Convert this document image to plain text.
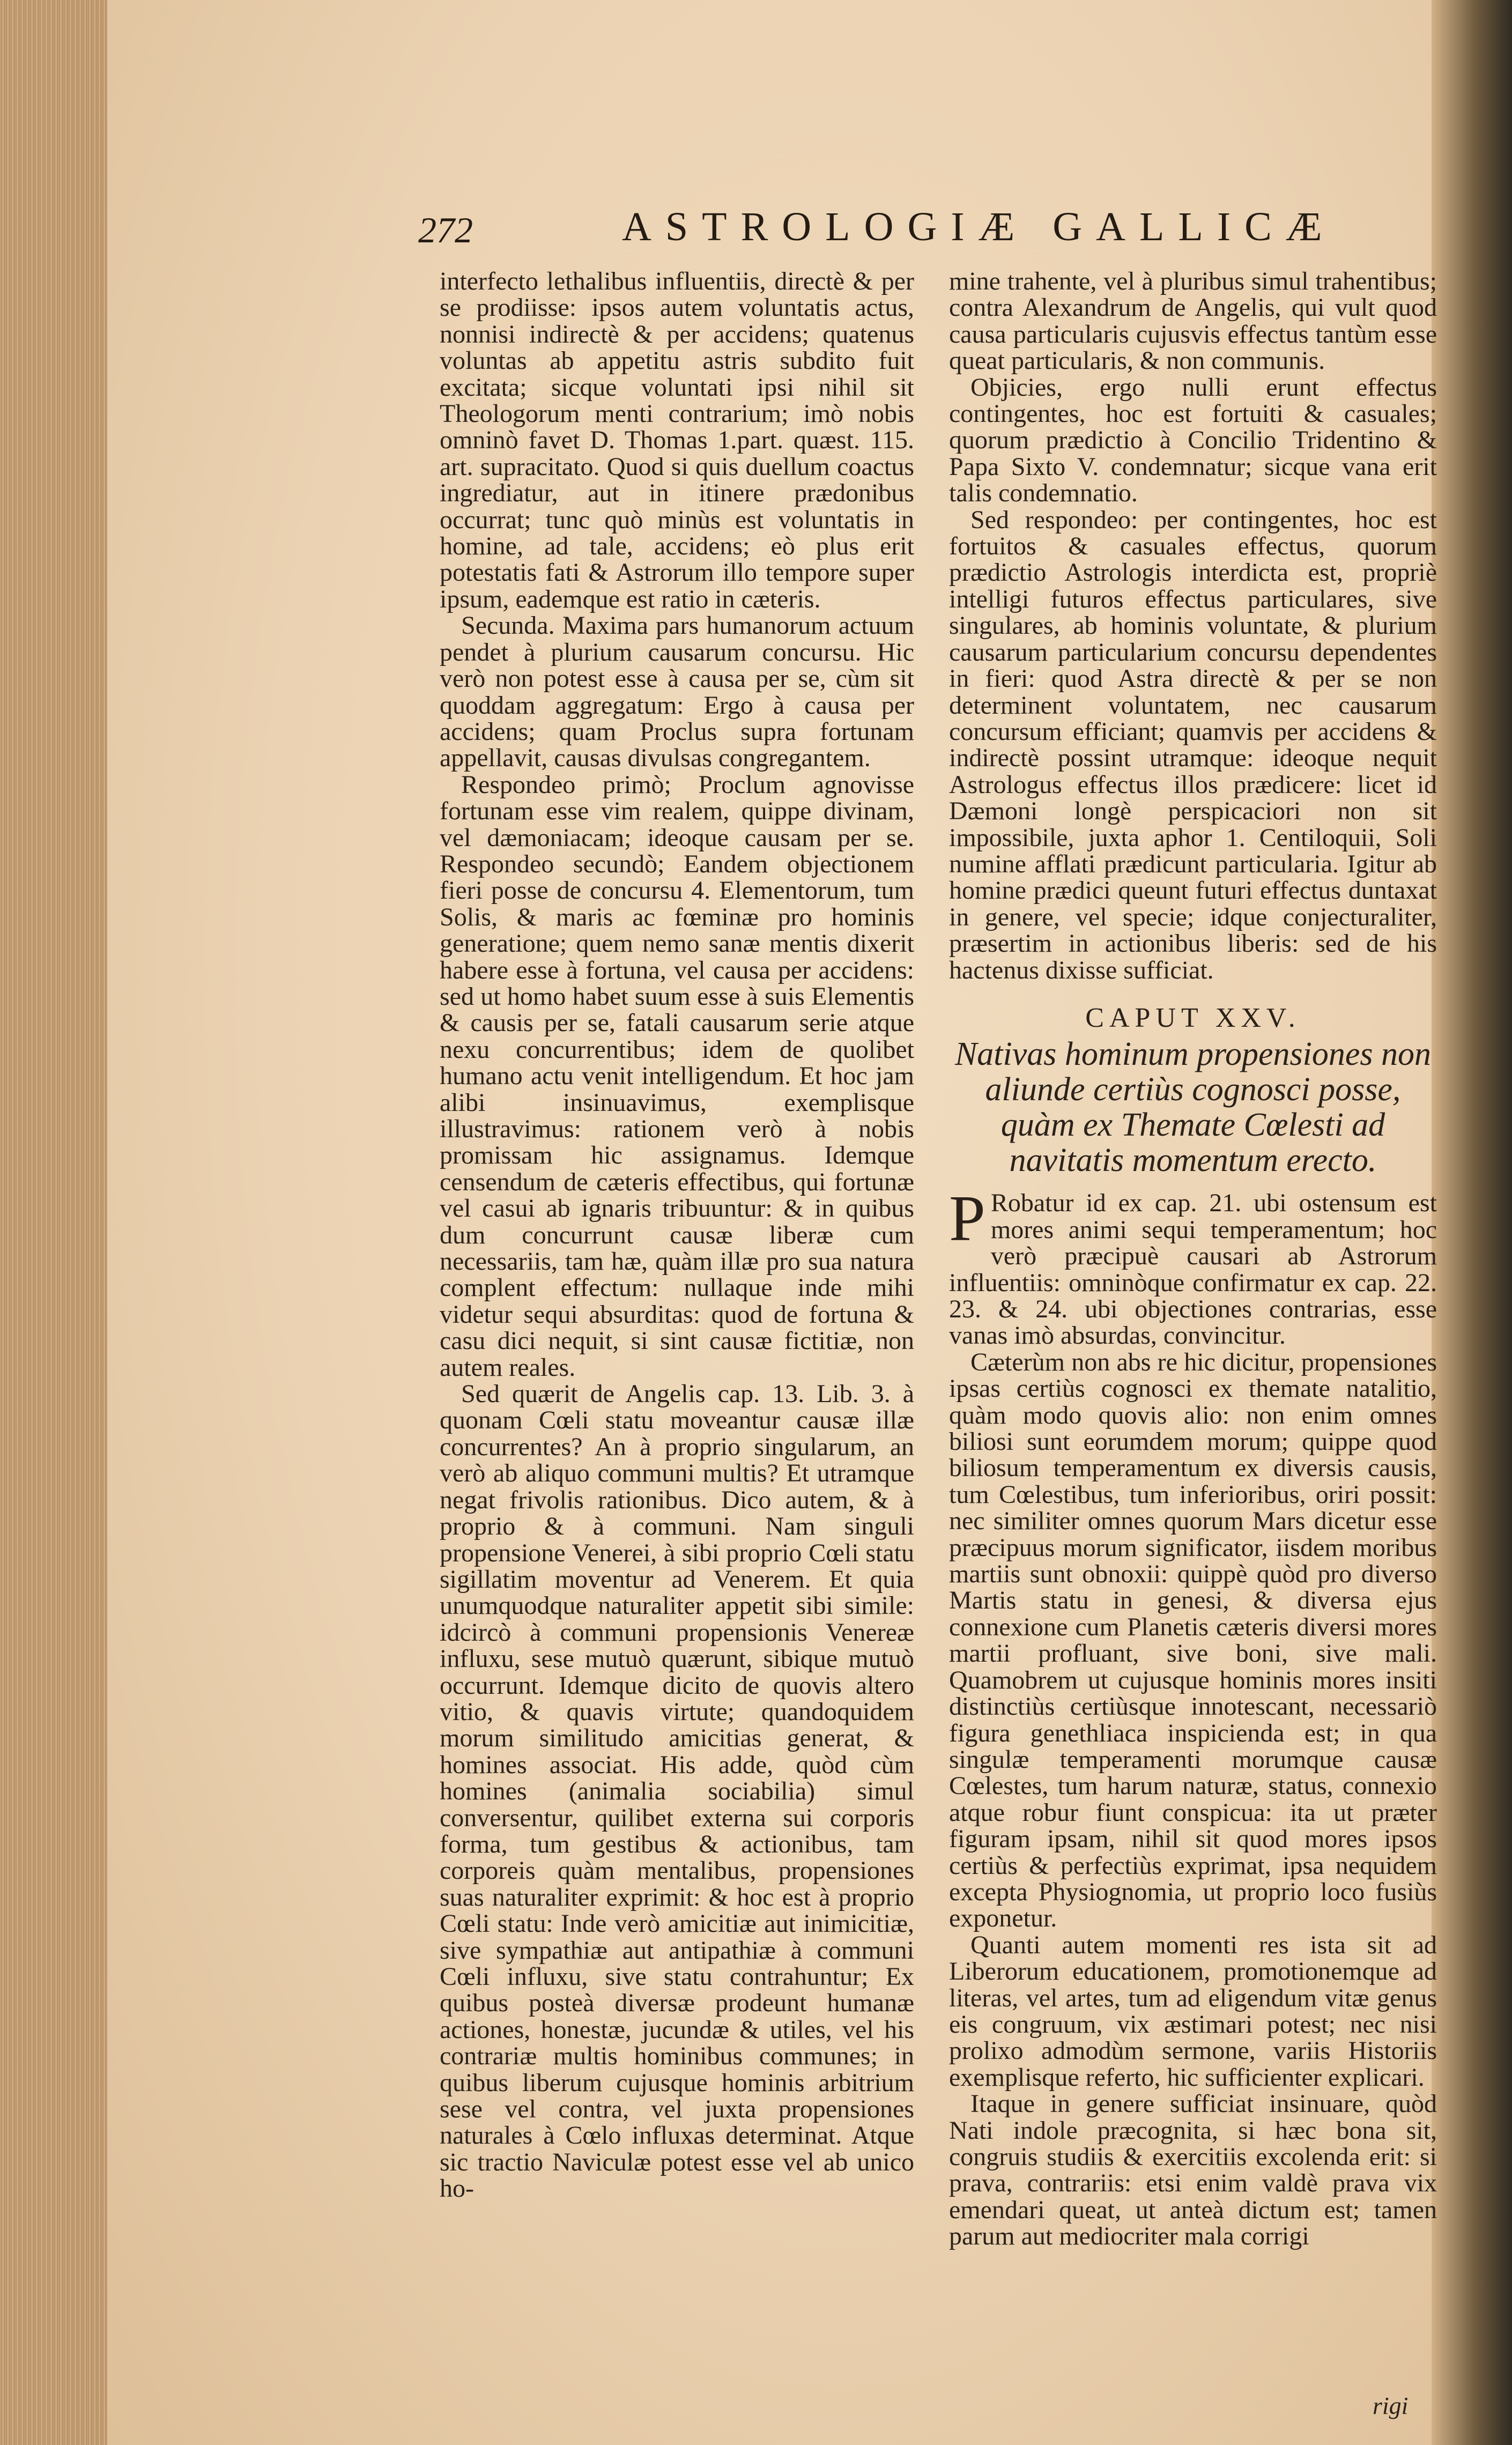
272	ASTROLOGIÆ GALLICÆ

interfecto lethalibus influentiis, directè & per se prodiisse: ipsos autem voluntatis actus, nonnisi indirectè & per accidens; quatenus voluntas ab appetitu astris subdito fuit excitata; sicque voluntati ipsi nihil sit Theologorum menti contrarium; imò nobis omninò favet D. Thomas 1.part. quæst. 115. art. supracitato. Quod si quis duellum coactus ingrediatur, aut in itinere prædonibus occurrat; tunc quò minùs est voluntatis in homine, ad tale, accidens; eò plus erit potestatis fati & Astrorum illo tempore super ipsum, eademque est ratio in cæteris.

Secunda. Maxima pars humanorum actuum pendet à plurium causarum concursu. Hic verò non potest esse à causa per se, cùm sit quoddam aggregatum: Ergo à causa per accidens; quam Proclus supra fortunam appellavit, causas divulsas congregantem.

Respondeo primò; Proclum agnovisse fortunam esse vim realem, quippe divinam, vel dæmoniacam; ideoque causam per se. Respondeo secundò; Eandem objectionem fieri posse de concursu 4. Elementorum, tum Solis, & maris ac fœminæ pro hominis generatione; quem nemo sanæ mentis dixerit habere esse à fortuna, vel causa per accidens: sed ut homo habet suum esse à suis Elementis & causis per se, fatali causarum serie atque nexu concurrentibus; idem de quolibet humano actu venit intelligendum. Et hoc jam alibi insinuavimus, exemplisque illustravimus: rationem verò à nobis promissam hic assignamus. Idemque censendum de cæteris effectibus, qui fortunæ vel casui ab ignaris tribuuntur: & in quibus dum concurrunt causæ liberæ cum necessariis, tam hæ, quàm illæ pro sua natura complent effectum: nullaque inde mihi videtur sequi absurditas: quod de fortuna & casu dici nequit, si sint causæ fictitiæ, non autem reales.

Sed quærit de Angelis cap. 13. Lib. 3. à quonam Cœli statu moveantur causæ illæ concurrentes? An à proprio singularum, an verò ab aliquo communi multis? Et utramque negat frivolis rationibus. Dico autem, & à proprio & à communi. Nam singuli propensione Venerei, à sibi proprio Cœli statu sigillatim moventur ad Venerem. Et quia unumquodque naturaliter appetit sibi simile: idcircò à communi propensionis Venereæ influxu, sese mutuò quærunt, sibique mutuò occurrunt. Idemque dicito de quovis altero vitio, & quavis virtute; quandoquidem morum similitudo amicitias generat, & homines associat. His adde, quòd cùm homines (animalia sociabilia) simul conversentur, quilibet externa sui corporis forma, tum gestibus & actionibus, tam corporeis quàm mentalibus, propensiones suas naturaliter exprimit: & hoc est à proprio Cœli statu: Inde verò amicitiæ aut inimicitiæ, sive sympathiæ aut antipathiæ à communi Cœli influxu, sive statu contrahuntur; Ex quibus posteà diversæ prodeunt humanæ actiones, honestæ, jucundæ & utiles, vel his contrariæ multis hominibus communes; in quibus liberum cujusque hominis arbitrium sese vel contra, vel juxta propensiones naturales à Cœlo influxas determinat. Atque sic tractio Naviculæ potest esse vel ab unico ho-

mine trahente, vel à pluribus simul trahentibus; contra Alexandrum de Angelis, qui vult quod causa particularis cujusvis effectus tantùm esse queat particularis, & non communis.

Objicies, ergo nulli erunt effectus contingentes, hoc est fortuiti & casuales; quorum prædictio à Concilio Tridentino & Papa Sixto V. condemnatur; sicque vana erit talis condemnatio.

Sed respondeo: per contingentes, hoc est fortuitos & casuales effectus, quorum prædictio Astrologis interdicta est, propriè intelligi futuros effectus particulares, sive singulares, ab hominis voluntate, & plurium causarum particularium concursu dependentes in fieri: quod Astra directè & per se non determinent voluntatem, nec causarum concursum efficiant; quamvis per accidens & indirectè possint utramque: ideoque nequit Astrologus effectus illos prædicere: licet id Dæmoni longè perspicaciori non sit impossibile, juxta aphor 1. Centiloquii, Soli numine afflati prædicunt particularia. Igitur ab homine prædici queunt futuri effectus duntaxat in genere, vel specie; idque conjecturaliter, præsertim in actionibus liberis: sed de his hactenus dixisse sufficiat.

CAPUT XXV.
Nativas hominum propensiones non aliunde certiùs cognosci posse, quàm ex Themate Cœlesti ad navitatis momentum erecto.

P Robatur id ex cap. 21. ubi ostensum est mores animi sequi temperamentum; hoc verò præcipuè causari ab Astrorum influentiis: omninòque confirmatur ex cap. 22. 23. & 24. ubi objectiones contrarias, esse vanas imò absurdas, convincitur.

Cæterùm non abs re hic dicitur, propensiones ipsas certiùs cognosci ex themate natalitio, quàm modo quovis alio: non enim omnes biliosi sunt eorumdem morum; quippe quod biliosum temperamentum ex diversis causis, tum Cœlestibus, tum inferioribus, oriri possit: nec similiter omnes quorum Mars dicetur esse præcipuus morum significator, iisdem moribus martiis sunt obnoxii: quippè quòd pro diverso Martis statu in genesi, & diversa ejus connexione cum Planetis cæteris diversi mores martii profluant, sive boni, sive mali. Quamobrem ut cujusque hominis mores insiti distinctiùs certiùsque innotescant, necessariò figura genethliaca inspicienda est; in qua singulæ temperamenti morumque causæ Cœlestes, tum harum naturæ, status, connexio atque robur fiunt conspicua: ita ut præter figuram ipsam, nihil sit quod mores ipsos certiùs & perfectiùs exprimat, ipsa nequidem excepta Physiognomia, ut proprio loco fusiùs exponetur.

Quanti autem momenti res ista sit ad Liberorum educationem, promotionemque ad literas, vel artes, tum ad eligendum vitæ genus eis congruum, vix æstimari potest; nec nisi prolixo admodùm sermone, variis Historiis exemplisque referto, hic sufficienter explicari.

Itaque in genere sufficiat insinuare, quòd Nati indole præcognita, si hæc bona sit, congruis studiis & exercitiis excolenda erit: si prava, contrariis: etsi enim valdè prava vix emendari queat, ut anteà dictum est; tamen parum aut mediocriter mala corrigi

rigi
